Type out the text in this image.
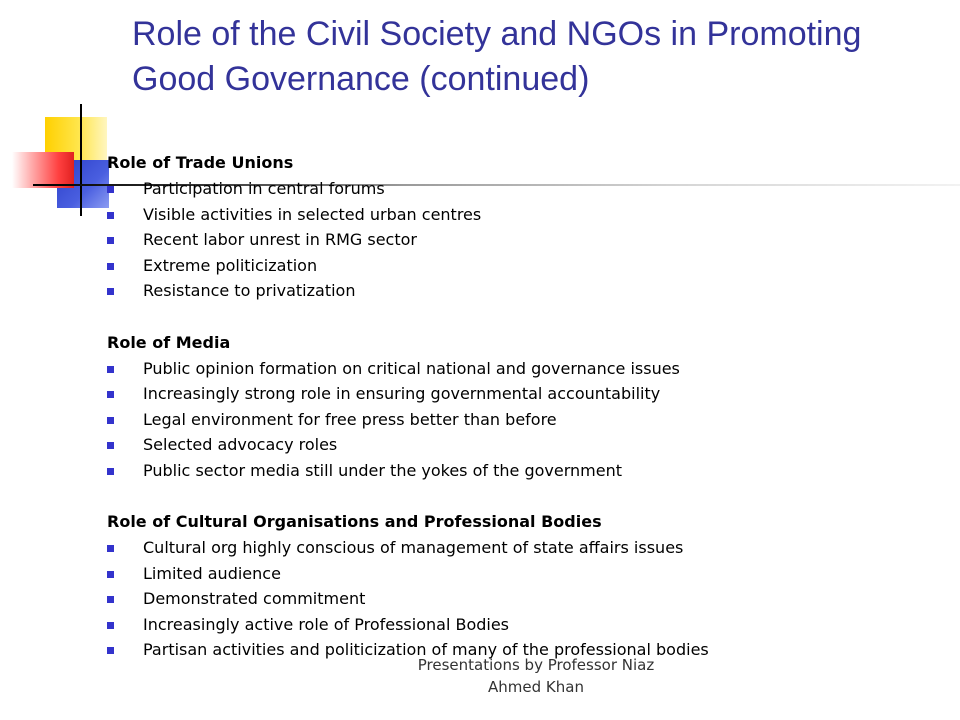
Role of the Civil Society and NGOs in Promoting Good Governance (continued)

Role of Trade Unions

Participation in central forums
Visible activities in selected urban centres
Recent labor unrest in RMG sector
Extreme politicization
Resistance to privatization

Role of Media

Public opinion formation on critical national and governance issues
Increasingly strong role in ensuring governmental accountability
Legal environment for free press better than before
Selected advocacy roles
Public sector media still under the yokes of the government

Role of Cultural Organisations and Professional Bodies

Cultural org highly conscious of management of state affairs issues
Limited audience
Demonstrated commitment
Increasingly active role of Professional Bodies
Partisan activities and politicization of many of the professional bodies
Presentations by Professor Niaz Ahmed Khan
